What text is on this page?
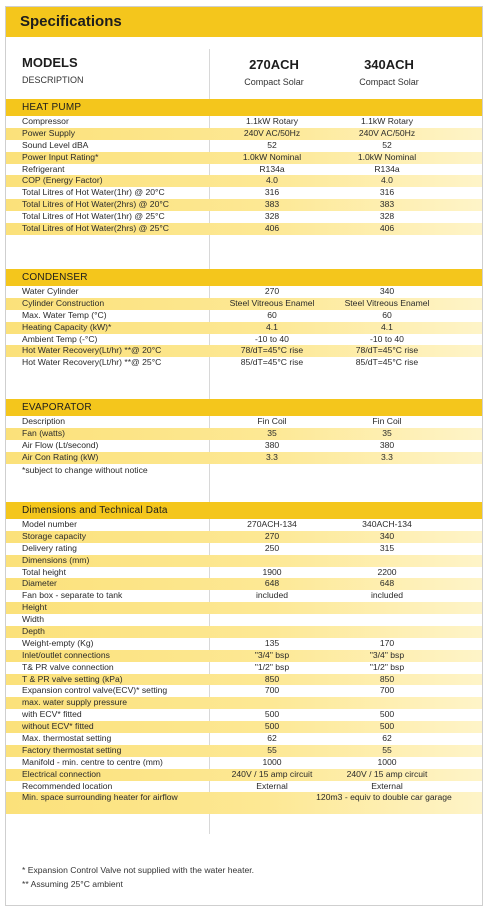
Specifications
MODELS
DESCRIPTION
270ACH	340ACH
Compact Solar	Compact Solar
HEAT PUMP
Compressor	1.1kW Rotary	1.1kW Rotary
Power Supply	240V AC/50Hz	240V AC/50Hz
Sound Level dBA	52	52
Power Input Rating*	1.0kW Nominal	1.0kW Nominal
Refrigerant	R134a	R134a
COP (Energy Factor)	4.0	4.0
Total Litres of Hot Water(1hr) @ 20°C	316	316
Total Litres of Hot Water(2hrs) @ 20°C	383	383
Total Litres of Hot Water(1hr) @ 25°C	328	328
Total Litres of Hot Water(2hrs) @ 25°C	406	406
CONDENSER
Water Cylinder	270	340
Cylinder Construction	Steel Vitreous Enamel	Steel Vitreous Enamel
Max. Water Temp (°C)	60	60
Heating Capacity (kW)*	4.1	4.1
Ambient Temp (-°C)	-10 to 40	-10 to 40
Hot Water Recovery(Lt/hr) **@ 20°C	78/dT=45°C rise	78/dT=45°C rise
Hot Water Recovery(Lt/hr) **@ 25°C	85/dT=45°C rise	85/dT=45°C rise
EVAPORATOR
Description	Fin Coil	Fin Coil
Fan (watts)	35	35
Air Flow (Lt/second)	380	380
Air Con Rating (kW)	3.3	3.3
*subject to change without notice
Dimensions and Technical Data
Model number	270ACH-134	340ACH-134
Storage capacity	270	340
Delivery rating	250	315
Dimensions (mm)
Total height	1900	2200
Diameter	648	648
Fan box - separate to tank	included	included
Height
Width
Depth
Weight-empty (Kg)	135	170
Inlet/outlet connections	"3/4" bsp	"3/4" bsp
T& PR valve connection	"1/2" bsp	"1/2" bsp
T & PR valve setting (kPa)	850	850
Expansion control valve(ECV)* setting	700	700
max. water supply pressure
with ECV* fitted	500	500
without ECV* fitted	500	500
Max. thermostat setting	62	62
Factory thermostat setting	55	55
Manifold - min. centre to centre (mm)	1000	1000
Electrical connection	240V / 15 amp circuit	240V / 15 amp circuit
Recommended location	External	External
Min. space surrounding heater for airflow	120m3 - equiv to double car garage
* Expansion Control Valve not supplied with the water heater.
** Assuming 25°C ambient
